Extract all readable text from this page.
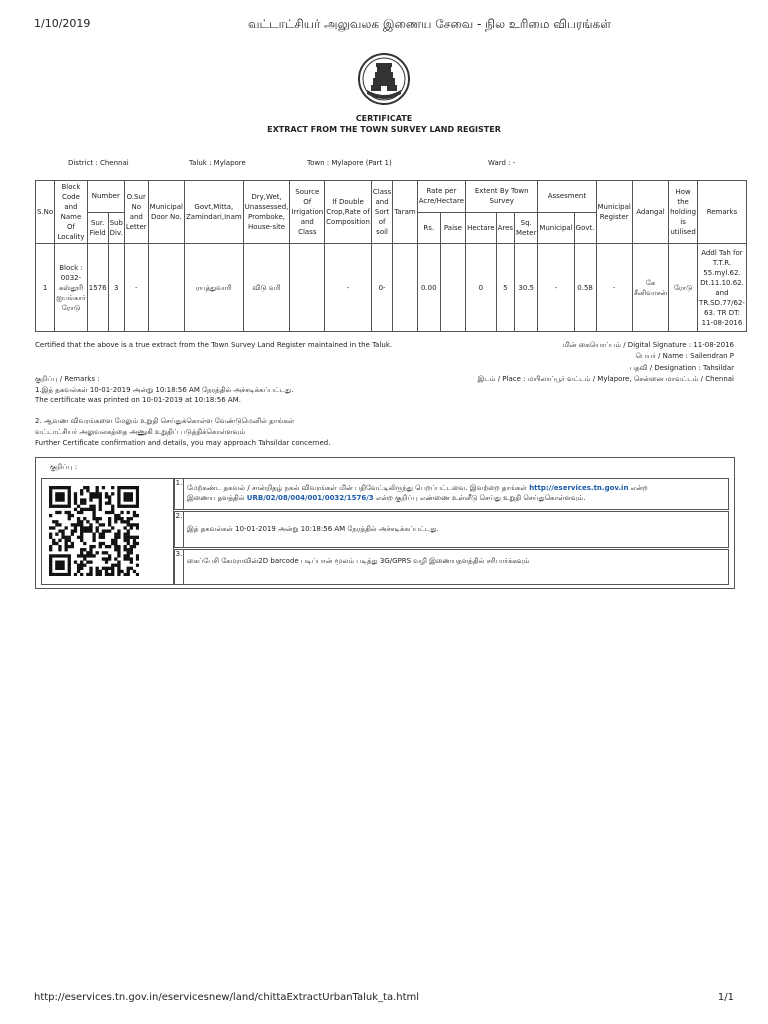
1/10/2019	வட்டாட்சியர் அலுவலக இணைய சேவை - நில உரிமை விபரங்கள்
CERTIFICATE
EXTRACT FROM THE TOWN SURVEY LAND REGISTER
District : Chennai	Taluk : Mylapore	Town : Mylapore (Part 1)	Ward : -
S.No	Block Code and Name Of Locality	Number		O.Sur No and Letter	Municipal Door No.	Govt,Mitta, Zamindari,Inam	Dry,Wet, Unassessed, Promboke, House-site	Source Of Irrigation and Class	If Double Crop,Rate of Composition	Class and Sort of soil	Taram	Rate per Acre/Hectare		Extent By Town Survey			Assesment		Municipal Register	Adangal	How the holding is utilised	Remarks
		Sur. Field	Sub Div.									Rs.	Paise	Hectare	Ares	Sq. Meter	Municipal	Govt.				
1	Block : 0032-கஸ்தூரி ஐயங்கார் ரோடு	1576	3	-		ரயத்துவாரி	விடு வரி		-	0-		0.00		0	5	30.5	-	0.58	-	கே சீனிவாசன்	ரோடு	Addl Tah for T.T.R. 55.myl.62. Dt.11.10.62. and TR.SD.77/62-63. TR DT: 11-08-2016
Certified that the above is a true extract from the Town Survey Land Register maintained in the Taluk.
குறிப்பு / Remarks :
1.இத் தகவல்கள் 10-01-2019 அன்று 10:18:56 AM நேரத்தில் அச்சடிக்கப்பட்டது.
The certificate was printed on 10-01-2019 at 10:18:56 AM.
2. ஆவண விவரங்களை மேலும் உறுதி செய்துக்கொள்ள வேண்டுமெனில் தாங்கள்
வட்டாட்சியர் அலுவலகத்தை அணுகி உறுதிப் படுத்திக்கொள்ளவும்
Further Certificate confirmation and details, you may approach Tahsildar concerned.
மின் கையொப்பம் / Digital Signature : 11-08-2016
பெயர் / Name : Sailendran P
பதவி / Designation : Tahsildar
இடம் / Place : மயிலாப்பூர் வட்டம் / Mylapore, சென்னை மாவட்டம் / Chennai
குறிப்பு :
1.
மேற்கண்ட தகவல் / சான்றிதழ் நகல் விவரங்கள் மின் பதிவேட்டிலிருந்து பெறப்பட்டவை. இவற்றை தாங்கள் http://eservices.tn.gov.in என்ற
இணைய தளத்தில் URB/02/08/004/001/0032/1576/3 என்ற குறிப்பு எண்ணை உள்ளீடு செய்து உறுதி செய்துகொள்ளவும்.
2.
இத் தகவல்கள் 10-01-2019 அன்று 10:18:56 AM நேரத்தில் அச்சடிக்கப்பட்டது.
3.
கைப்பேசி கேமராவின்2D barcode படிப்பான் மூலம் படித்து 3G/GPRS வழி இணையதளத்தில் சரிபார்க்கவும்
http://eservices.tn.gov.in/eservicesnew/land/chittaExtractUrbanTaluk_ta.html	1/1
